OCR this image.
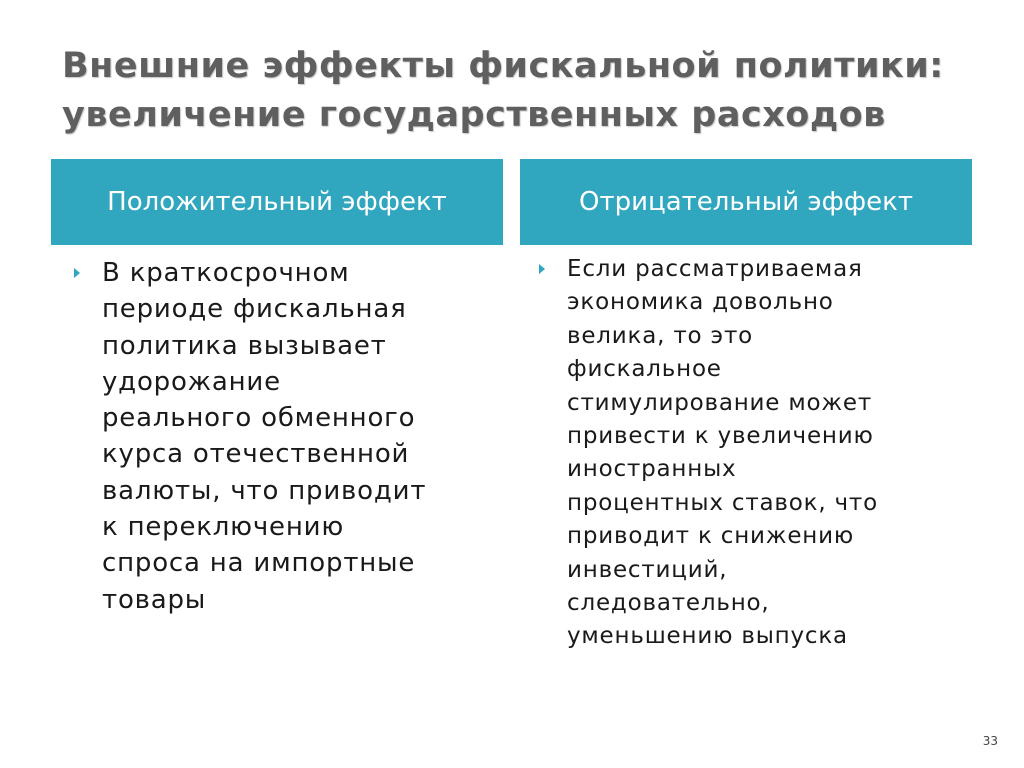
Внешние эффекты фискальной политики:
увеличение государственных расходов
Положительный эффект	Отрицательный эффект
В краткосрочном
периоде фискальная
политика вызывает
удорожание
реального обменного
курса отечественной
валюты, что приводит
к переключению
спроса на импортные
товары
Если рассматриваемая
экономика довольно
велика, то это
фискальное
стимулирование может
привести к увеличению
иностранных
процентных ставок, что
приводит к снижению
инвестиций,
следовательно,
уменьшению выпуска
33
